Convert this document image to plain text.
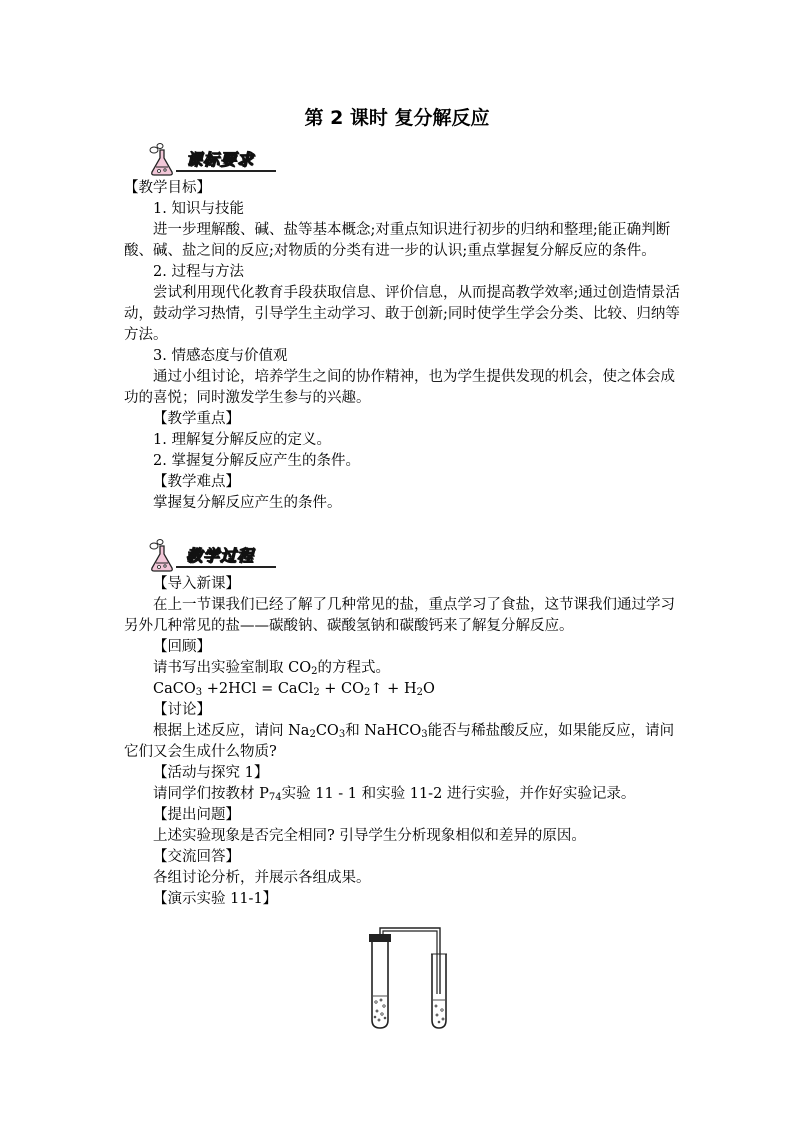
第 2 课时 复分解反应
课标要求

【教学目标】

1. 知识与技能

进一步理解酸、碱、盐等基本概念;对重点知识进行初步的归纳和整理;能正确判断酸、碱、盐之间的反应;对物质的分类有进一步的认识;重点掌握复分解反应的条件。

2. 过程与方法

尝试利用现代化教育手段获取信息、评价信息，从而提高教学效率;通过创造情景活动，鼓动学习热情，引导学生主动学习、敢于创新;同时使学生学会分类、比较、归纳等方法。

3. 情感态度与价值观

通过小组讨论，培养学生之间的协作精神，也为学生提供发现的机会，使之体会成功的喜悦；同时激发学生参与的兴趣。

【教学重点】

1. 理解复分解反应的定义。

2. 掌握复分解反应产生的条件。

【教学难点】

掌握复分解反应产生的条件。

教学过程

【导入新课】

在上一节课我们已经了解了几种常见的盐，重点学习了食盐，这节课我们通过学习另外几种常见的盐——碳酸钠、碳酸氢钠和碳酸钙来了解复分解反应。

【回顾】

请书写出实验室制取 $CO_2$的方程式。

CaCO$_3$ +2HCl = CaCl$_2$ + $CO_2↑ + H_2O$

【讨论】

根据上述反应，请问 $Na_2CO_3$和 NaHCO$_3$能否与稀盐酸反应，如果能反应，请问它们又会生成什么物质?

【活动与探究 1】

请同学们按教材 $P_{74}$实验 11 - 1 和实验 11-2 进行实验，并作好实验记录。

【提出问题】

上述实验现象是否完全相同? 引导学生分析现象相似和差异的原因。

【交流回答】

各组讨论分析，并展示各组成果。

【演示实验 11-1】
